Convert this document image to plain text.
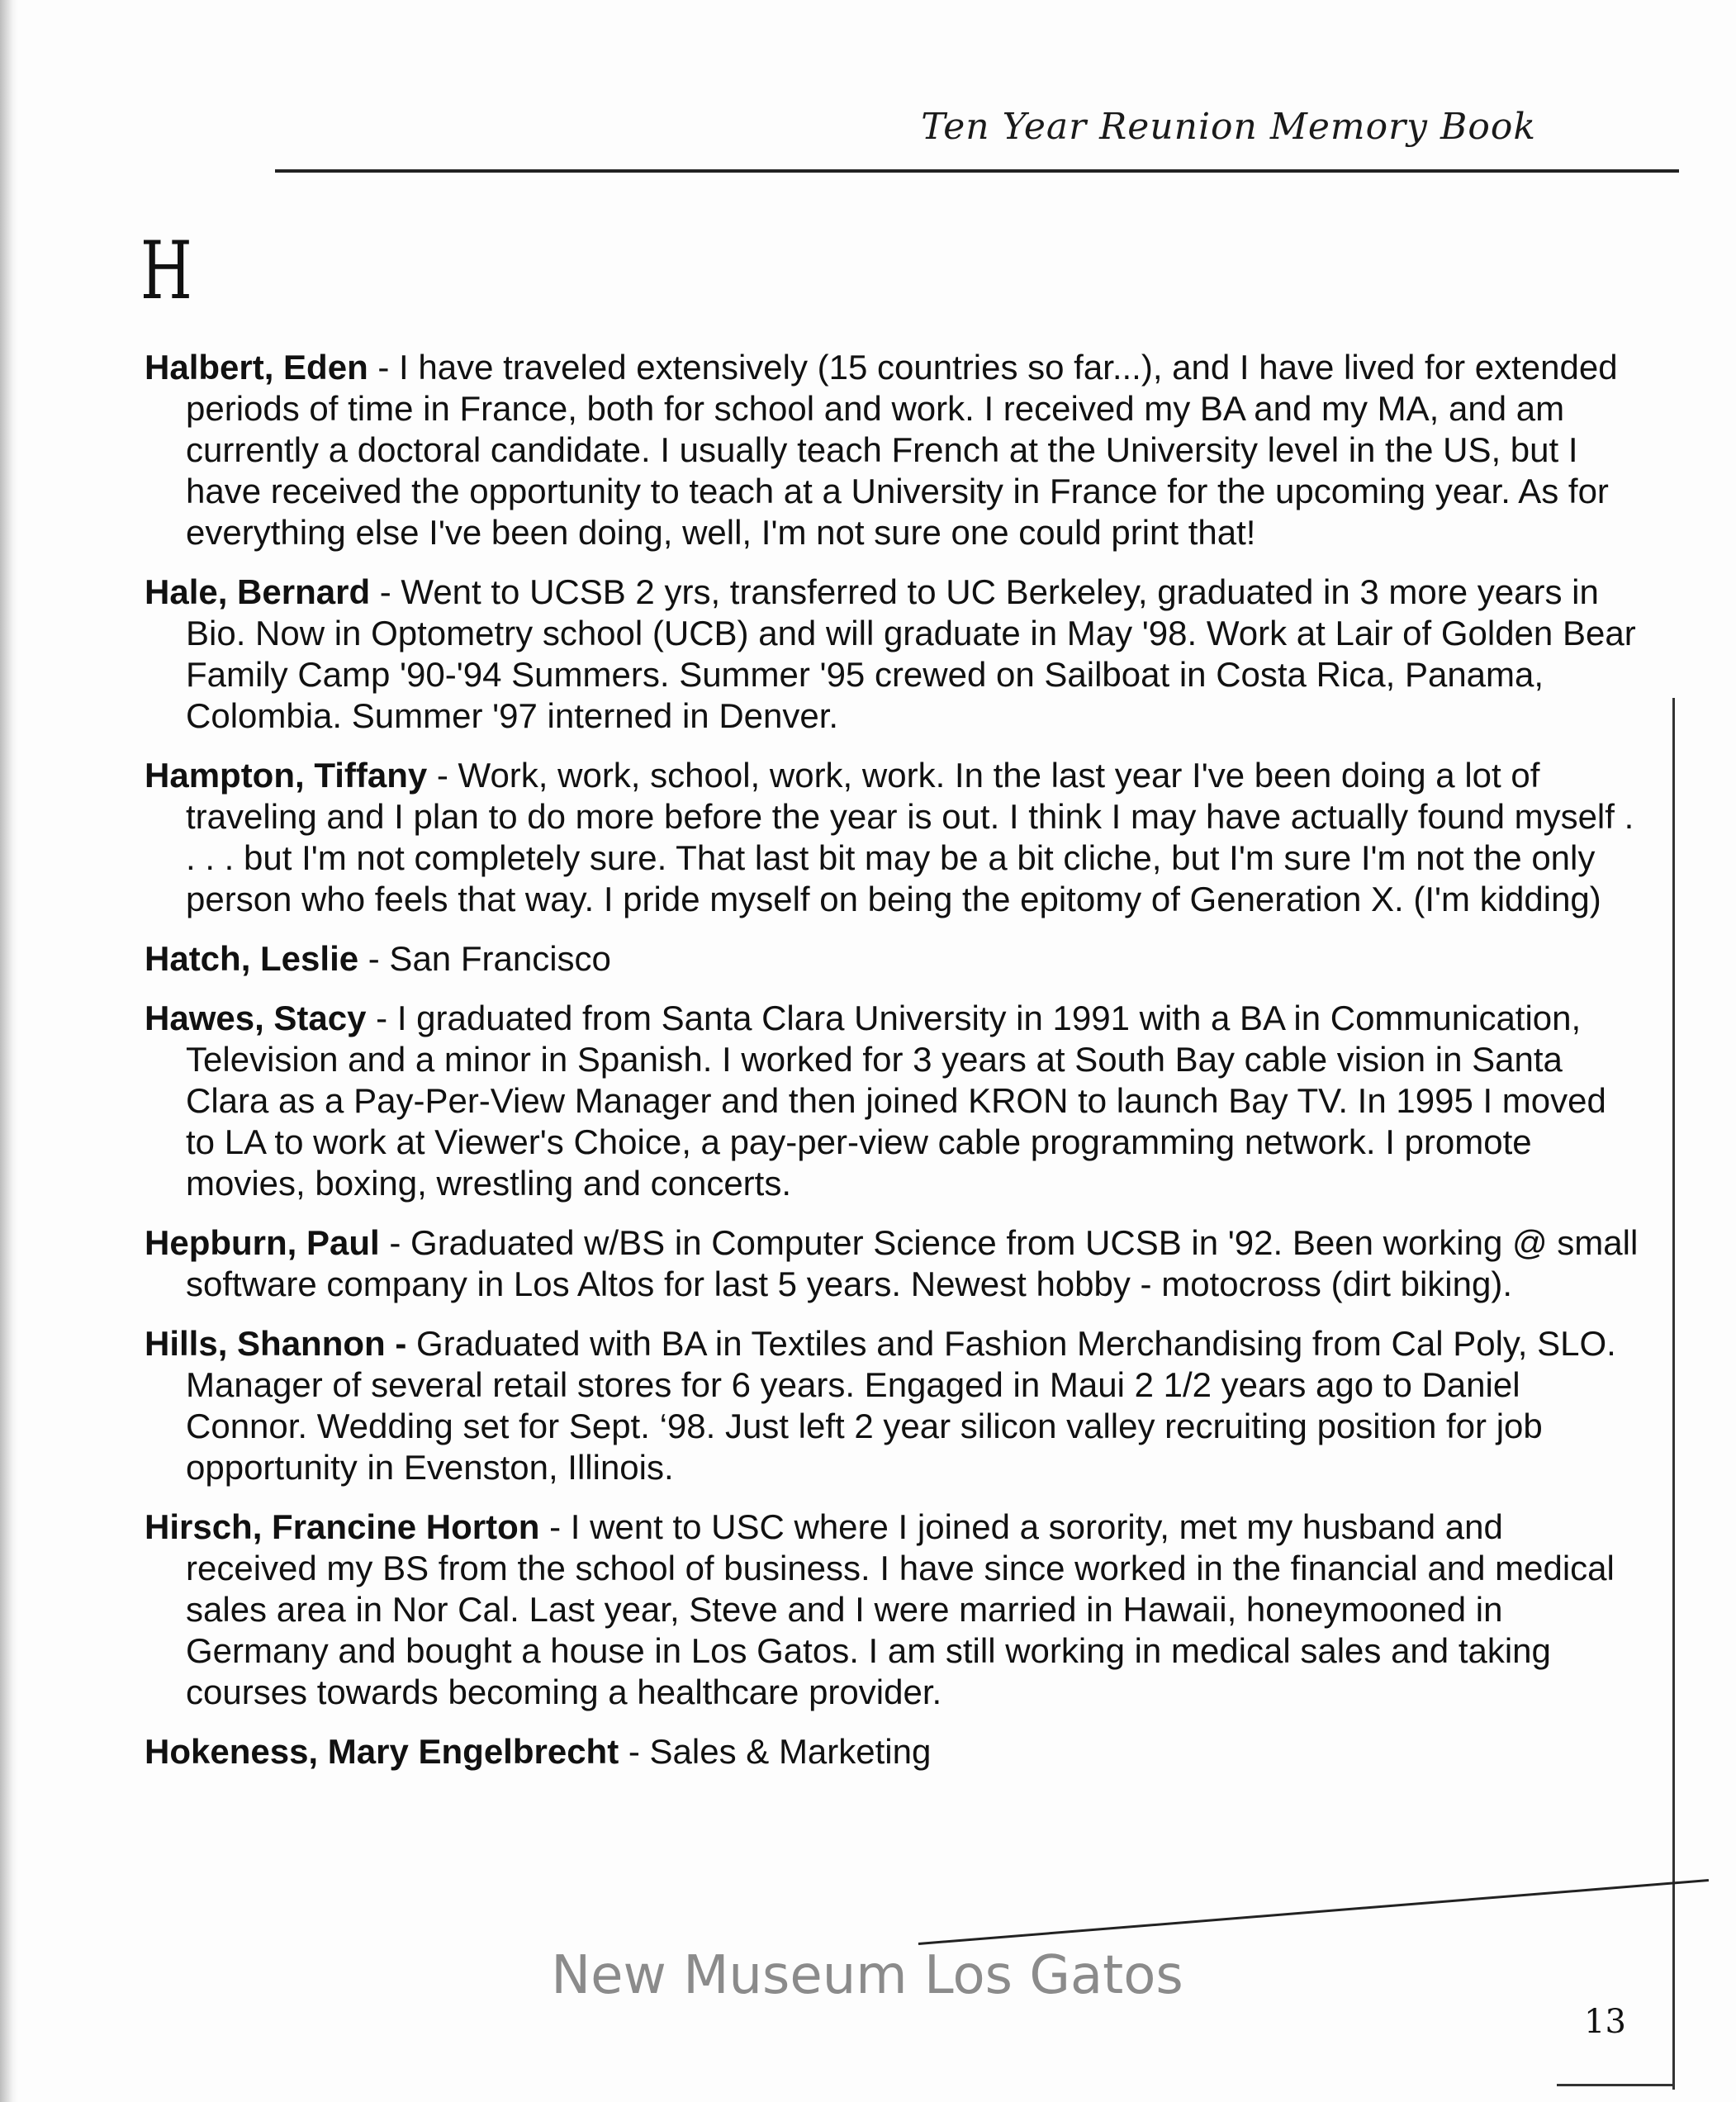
Ten Year Reunion Memory Book
H

Halbert, Eden - I have traveled extensively (15 countries so far...), and I have lived for extended periods of time in France, both for school and work. I received my BA and my MA, and am currently a doctoral candidate. I usually teach French at the University level in the US, but I have received the opportunity to teach at a University in France for the upcoming year. As for everything else I've been doing, well, I'm not sure one could print that!

Hale, Bernard - Went to UCSB 2 yrs, transferred to UC Berkeley, graduated in 3 more years in Bio. Now in Optometry school (UCB) and will graduate in May '98. Work at Lair of Golden Bear Family Camp '90-'94 Summers. Summer '95 crewed on Sailboat in Costa Rica, Panama, Colombia. Summer '97 interned in Denver.

Hampton, Tiffany - Work, work, school, work, work. In the last year I've been doing a lot of traveling and I plan to do more before the year is out. I think I may have actually found myself . . . . but I'm not completely sure. That last bit may be a bit cliche, but I'm sure I'm not the only person who feels that way. I pride myself on being the epitomy of Generation X. (I'm kidding)

Hatch, Leslie - San Francisco

Hawes, Stacy - I graduated from Santa Clara University in 1991 with a BA in Communication, Television and a minor in Spanish. I worked for 3 years at South Bay cable vision in Santa Clara as a Pay-Per-View Manager and then joined KRON to launch Bay TV. In 1995 I moved to LA to work at Viewer's Choice, a pay-per-view cable programming network. I promote movies, boxing, wrestling and concerts.

Hepburn, Paul - Graduated w/BS in Computer Science from UCSB in '92. Been working @ small software company in Los Altos for last 5 years. Newest hobby - motocross (dirt biking).

Hills, Shannon - Graduated with BA in Textiles and Fashion Merchandising from Cal Poly, SLO. Manager of several retail stores for 6 years. Engaged in Maui 2 1/2 years ago to Daniel Connor. Wedding set for Sept. ‘98. Just left 2 year silicon valley recruiting position for job opportunity in Evenston, Illinois.

Hirsch, Francine Horton - I went to USC where I joined a sorority, met my husband and received my BS from the school of business. I have since worked in the financial and medical sales area in Nor Cal. Last year, Steve and I were married in Hawaii, honeymooned in Germany and bought a house in Los Gatos. I am still working in medical sales and taking courses towards becoming a healthcare provider.

Hokeness, Mary Engelbrecht - Sales & Marketing

New Museum Los Gatos
13
